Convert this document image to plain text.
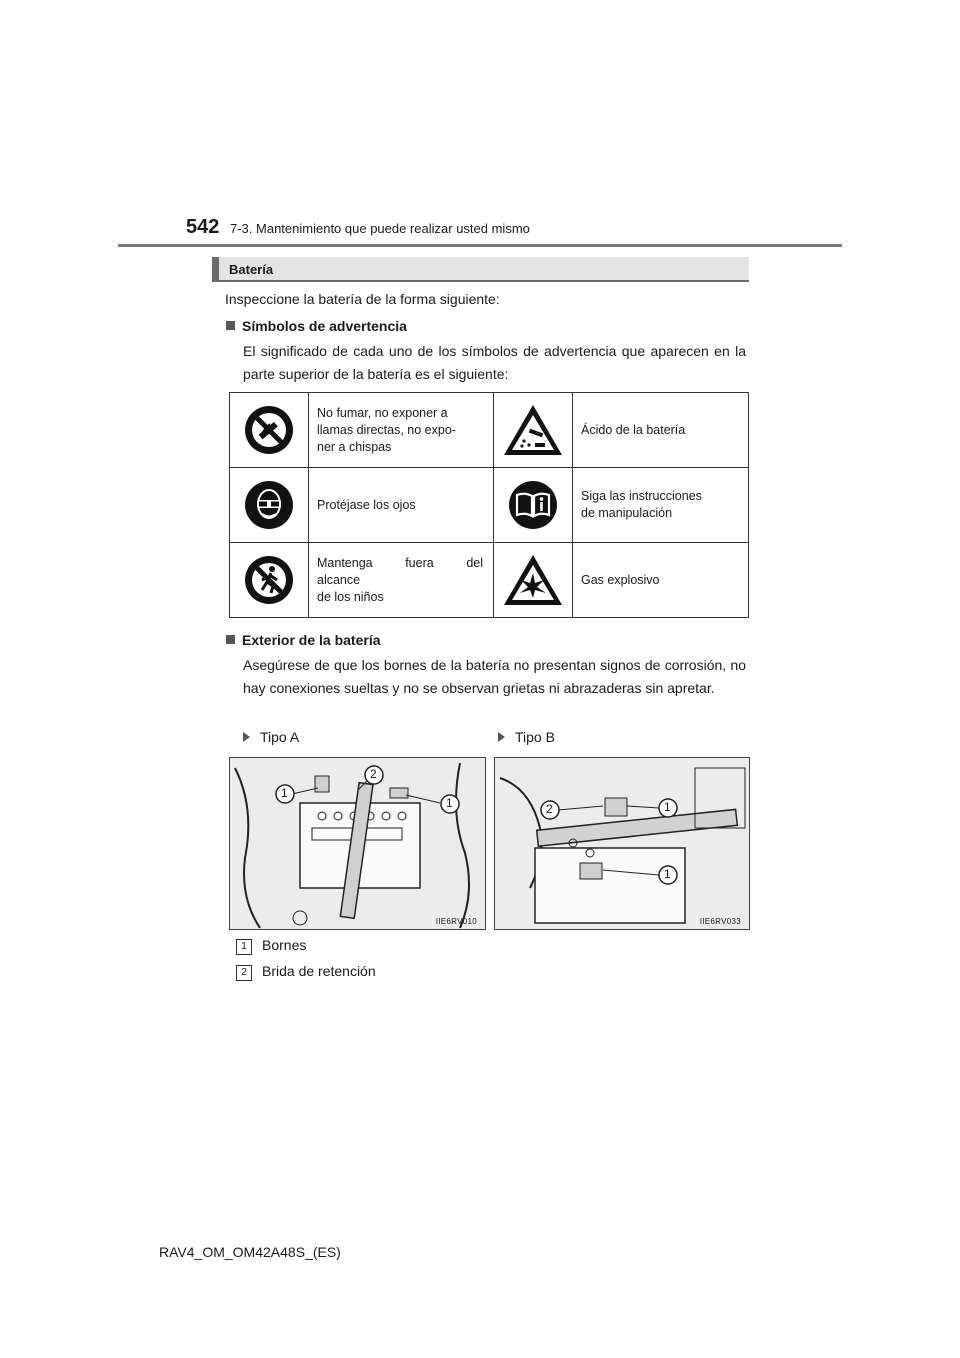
542 7-3. Mantenimiento que puede realizar usted mismo
Batería
Inspeccione la batería de la forma siguiente:
Símbolos de advertencia
El significado de cada uno de los símbolos de advertencia que aparecen en la parte superior de la batería es el siguiente:
	No fumar, no exponer a
llamas directas, no expo-
ner a chispas		Ácido de la batería
	Protéjase los ojos		Siga las instrucciones
de manipulación

Mantenga fuera del
alcance
de los niños		Gas explosivo
Exterior de la batería
Asegúrese de que los bornes de la batería no presentan signos de corrosión, no hay conexiones sueltas y no se observan grietas ni abrazaderas sin apretar.
Tipo A	Tipo B
1
2
1
IIE6RV010
2	1
1
IIE6RV033
1 Bornes
2 Brida de retención
RAV4_OM_OM42A48S_(ES)
